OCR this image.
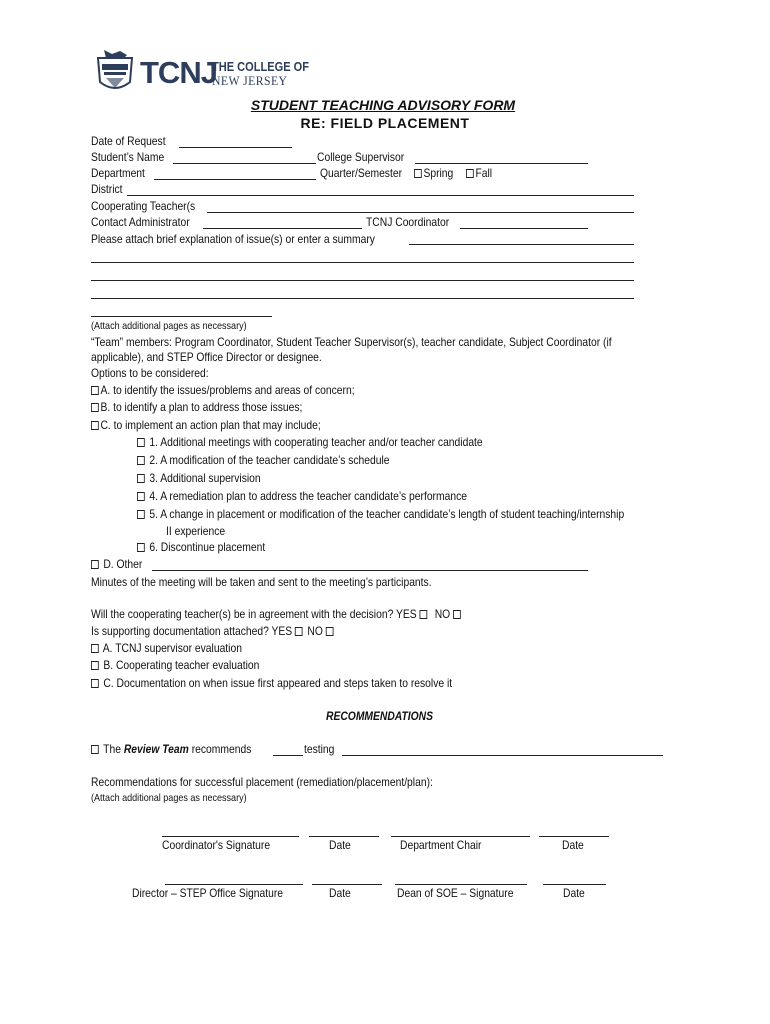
TCNJ
THE COLLEGE OF
NEW JERSEY
STUDENT TEACHING ADVISORY FORM
RE: FIELD PLACEMENT
Date of Request
Student’s Name	College Supervisor
Department	Quarter/Semester	Spring	Fall
District
Cooperating Teacher(s
Contact Administrator	TCNJ Coordinator
Please attach brief explanation of issue(s) or enter a summary
(Attach additional pages as necessary)
“Team” members: Program Coordinator, Student Teacher Supervisor(s), teacher candidate, Subject Coordinator (if
applicable), and STEP Office Director or designee.
Options to be considered:
A. to identify the issues/problems and areas of concern;
B. to identify a plan to address those issues;
C. to implement an action plan that may include;
1. Additional meetings with cooperating teacher and/or teacher candidate
2. A modification of the teacher candidate’s schedule
3. Additional supervision
4. A remediation plan to address the teacher candidate’s performance
5. A change in placement or modification of the teacher candidate’s length of student teaching/internship
II experience
6. Discontinue placement
D. Other
Minutes of the meeting will be taken and sent to the meeting’s participants.
Will the cooperating teacher(s) be in agreement with the decision? YES NO
Is supporting documentation attached? YES NO
A. TCNJ supervisor evaluation
B. Cooperating teacher evaluation
C. Documentation on when issue first appeared and steps taken to resolve it
RECOMMENDATIONS
The Review Team recommends	testing
Recommendations for successful placement (remediation/placement/plan):
(Attach additional pages as necessary)
Coordinator's Signature	Date	Department Chair	Date
Director – STEP Office Signature	Date	Dean of SOE – Signature	Date
